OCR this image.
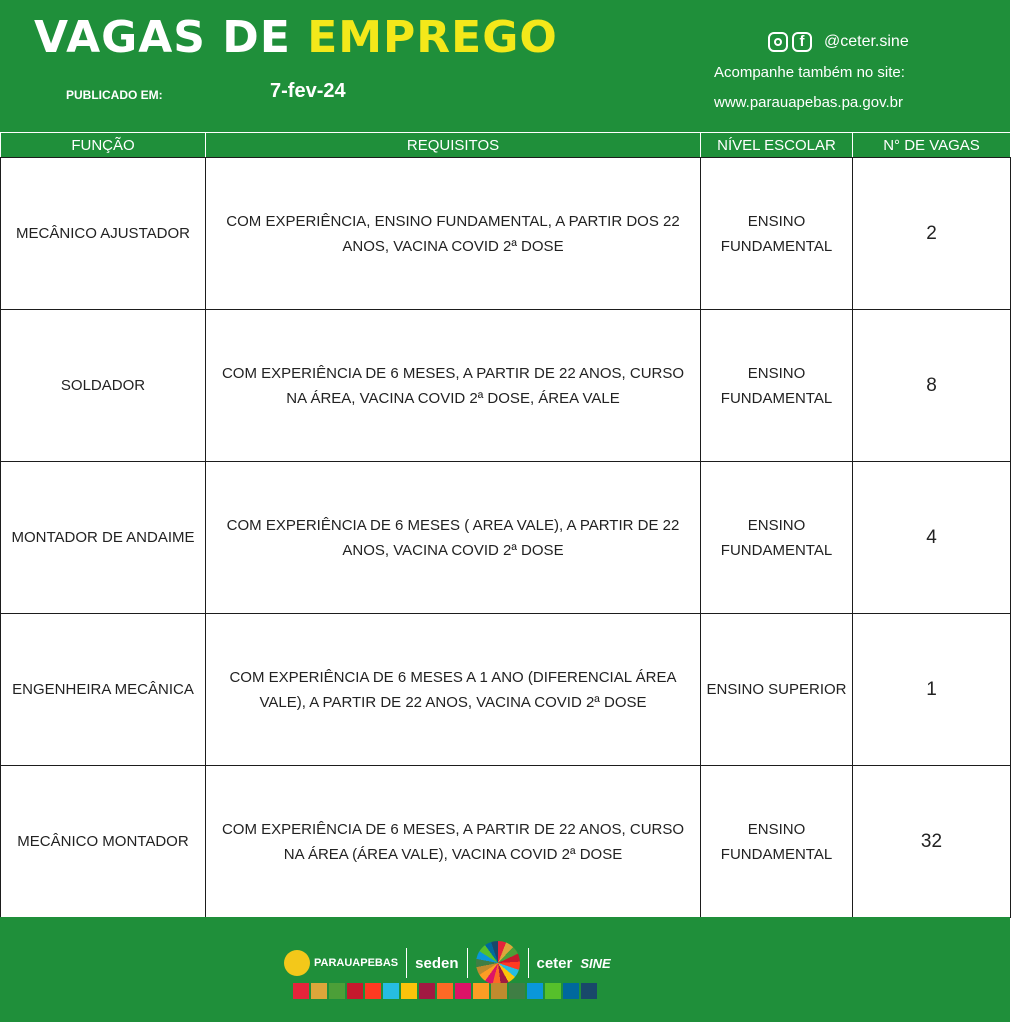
VAGAS DE EMPREGO
PUBLICADO EM:	7-fev-24
f	@ceter.sine
Acompanhe também no site:
www.parauapebas.pa.gov.br
FUNÇÃO	REQUISITOS	NÍVEL ESCOLAR	N° DE VAGAS
MECÂNICO AJUSTADOR	COM EXPERIÊNCIA, ENSINO FUNDAMENTAL, A PARTIR DOS 22 ANOS, VACINA COVID 2ª DOSE	ENSINO FUNDAMENTAL	2
SOLDADOR	COM EXPERIÊNCIA DE 6 MESES, A PARTIR DE 22 ANOS, CURSO NA ÁREA, VACINA COVID 2ª DOSE, ÁREA VALE	ENSINO FUNDAMENTAL	8
MONTADOR DE ANDAIME	COM EXPERIÊNCIA DE 6 MESES ( AREA VALE), A PARTIR DE 22 ANOS, VACINA COVID 2ª DOSE	ENSINO FUNDAMENTAL	4
ENGENHEIRA MECÂNICA	COM EXPERIÊNCIA DE 6 MESES A 1 ANO (DIFERENCIAL ÁREA VALE), A PARTIR DE 22 ANOS, VACINA COVID 2ª DOSE	ENSINO SUPERIOR	1
MECÂNICO MONTADOR	COM EXPERIÊNCIA DE 6 MESES, A PARTIR DE 22 ANOS, CURSO NA ÁREA (ÁREA VALE), VACINA COVID 2ª DOSE	ENSINO FUNDAMENTAL	32
PARAUAPEBAS seden	ceter SINE
